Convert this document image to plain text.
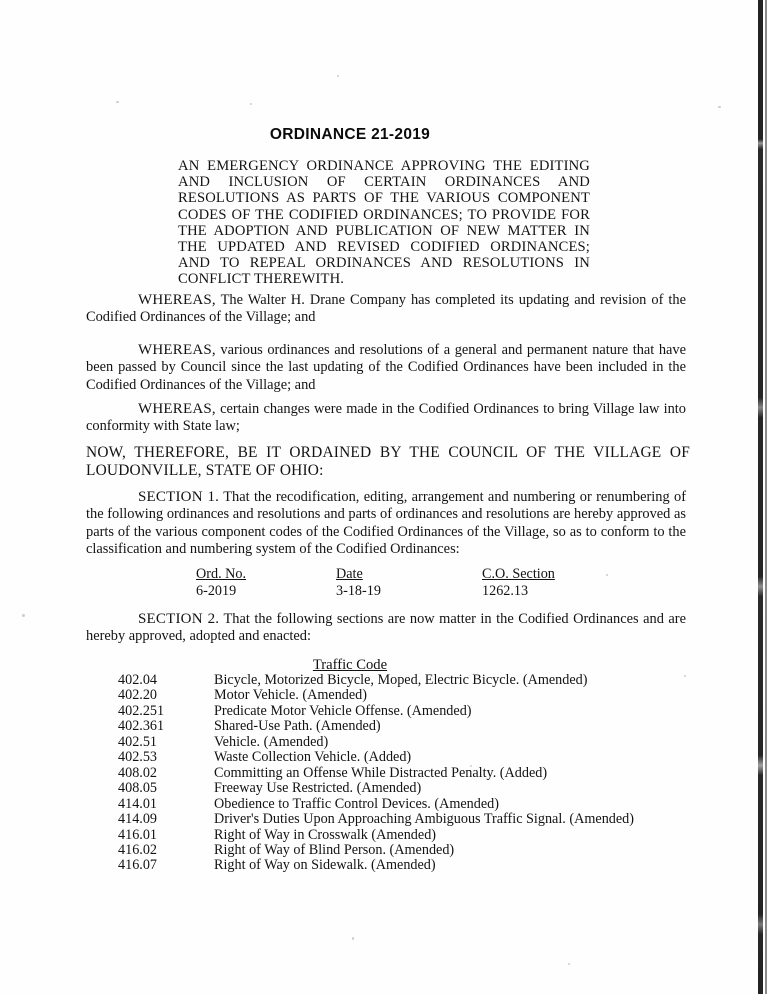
ORDINANCE 21-2019
AN EMERGENCY ORDINANCE APPROVING THE EDITING AND INCLUSION OF CERTAIN ORDINANCES AND RESOLUTIONS AS PARTS OF THE VARIOUS COMPONENT CODES OF THE CODIFIED ORDINANCES; TO PROVIDE FOR THE ADOPTION AND PUBLICATION OF NEW MATTER IN THE UPDATED AND REVISED CODIFIED ORDINANCES; AND TO REPEAL ORDINANCES AND RESOLUTIONS IN CONFLICT THEREWITH.
WHEREAS, The Walter H. Drane Company has completed its updating and revision of the Codified Ordinances of the Village; and
WHEREAS, various ordinances and resolutions of a general and permanent nature that have been passed by Council since the last updating of the Codified Ordinances have been included in the Codified Ordinances of the Village; and
WHEREAS, certain changes were made in the Codified Ordinances to bring Village law into conformity with State law;
NOW, THEREFORE, BE IT ORDAINED BY THE COUNCIL OF THE VILLAGE OF LOUDONVILLE, STATE OF OHIO:
SECTION 1. That the recodification, editing, arrangement and numbering or renumbering of the following ordinances and resolutions and parts of ordinances and resolutions are hereby approved as parts of the various component codes of the Codified Ordinances of the Village, so as to conform to the classification and numbering system of the Codified Ordinances:
Ord. No.	Date	C.O. Section
6-2019	3-18-19	1262.13
SECTION 2. That the following sections are now matter in the Codified Ordinances and are hereby approved, adopted and enacted:
Traffic Code
402.04	Bicycle, Motorized Bicycle, Moped, Electric Bicycle. (Amended)
402.20	Motor Vehicle. (Amended)
402.251	Predicate Motor Vehicle Offense. (Amended)
402.361	Shared-Use Path. (Amended)
402.51	Vehicle. (Amended)
402.53	Waste Collection Vehicle. (Added)
408.02	Committing an Offense While Distracted Penalty. (Added)
408.05	Freeway Use Restricted. (Amended)
414.01	Obedience to Traffic Control Devices. (Amended)
414.09	Driver's Duties Upon Approaching Ambiguous Traffic Signal. (Amended)
416.01	Right of Way in Crosswalk (Amended)
416.02	Right of Way of Blind Person. (Amended)
416.07	Right of Way on Sidewalk. (Amended)
